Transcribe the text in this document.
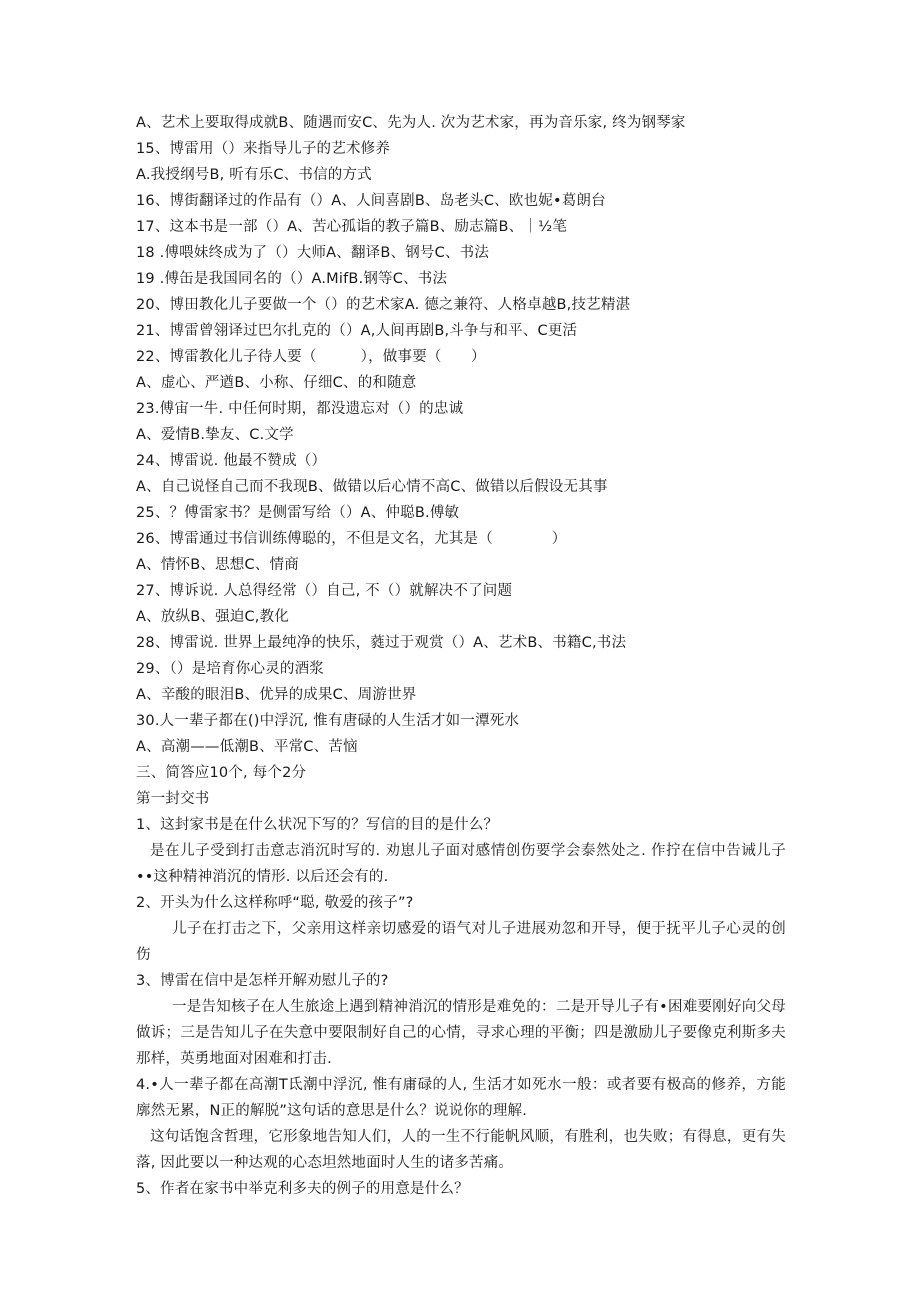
A、艺术上要取得成就B、随遇而安C、先为人. 次为艺术家，再为音乐家, 终为钢琴家
15、博雷用（）来指导儿子的艺术修养
A.我授纲号B, 听有乐C、书信的方式
16、博街翻译过的作品有（）A、人间喜剧B、岛老头C、欧也妮•葛朗台
17、这本书是一部（）A、苦心孤诣的教子篇B、励志篇B、｜½笔
18 .傅喂妹终成为了（）大师A、翻译B、钢号C、书法
19 .傅缶是我国同名的（）A.MifB.钢等C、书法
20、博田教化儿子要做一个（）的艺术家A. 德之兼符、人格卓越B,技艺精湛
21、博雷曾翎译过巴尔扎克的（）A,人间再剧B,斗争与和平、C更活
22、博雷教化儿子待人要（　　　），做事要（　　）
A、虚心、严遒B、小称、仔细C、的和随意
23.傅宙一牛. 中任何时期，都没遗忘对（）的忠诚
A、爱情B.挚友、C.文学
24、博雷说. 他最不赞成（）
A、自己说怪自己而不我现B、做错以后心情不高C、做错以后假设无其事
25、？傅雷家书？是侧雷写给（）A、仲聪B.傅敏
26、博雷通过书信训练傅聪的，不但是文名，尤其是（　　　　）
A、情怀B、思想C、情商
27、博诉说. 人总得经常（）自己, 不（）就解决不了问题
A、放纵B、强迫C,教化
28、博雷说. 世界上最纯净的快乐，蕤过于观赏（）A、艺术B、书籍C,书法
29、（）是培育你心灵的酒浆
A、辛酸的眼泪B、优异的成果C、周游世界
30.人一辈子都在()中浮沉, 惟有唐碌的人生活才如一潭死水
A、高潮——低潮B、平常C、苦恼
三、简答应10个, 每个2分
第一封交书
1、这封家书是在什么状况下写的？写信的目的是什么？
是在儿子受到打击意志消沉时写的. 劝崽儿子面对感情创伤要学会泰然处之. 作拧在信中告诫儿子••这种精神消沉的情形. 以后还会有的.
2、开头为什么这样称呼“聪, 敬爱的孩子”?
儿子在打击之下，父亲用这样亲切感爱的语气对儿子进展劝忽和开导，便于抚平儿子心灵的创伤
3、博雷在信中是怎样开解劝慰儿子的?
一是告知核子在人生旅途上遇到精神消沉的情形是难免的：二是开导儿子有•困难要刚好向父母做诉；三是告知儿子在失意中要限制好自己的心情，寻求心理的平衡；四是激励儿子要像克利斯多夫那样，英勇地面对困难和打击.
4.•人一辈子都在高潮T氐潮中浮沉, 惟有庸碌的人, 生活才如死水一般：或者要有极高的修养，方能廓然无累，N正的解脱”这句话的意思是什么？说说你的理解.
这句话饱含哲理，它形象地告知人们，人的一生不行能帆风顺，有胜利，也失败；有得息，更有失落, 因此要以一种达观的心态坦然地面时人生的诸多苦痛。
5、作者在家书中举克利多夫的例子的用意是什么？
